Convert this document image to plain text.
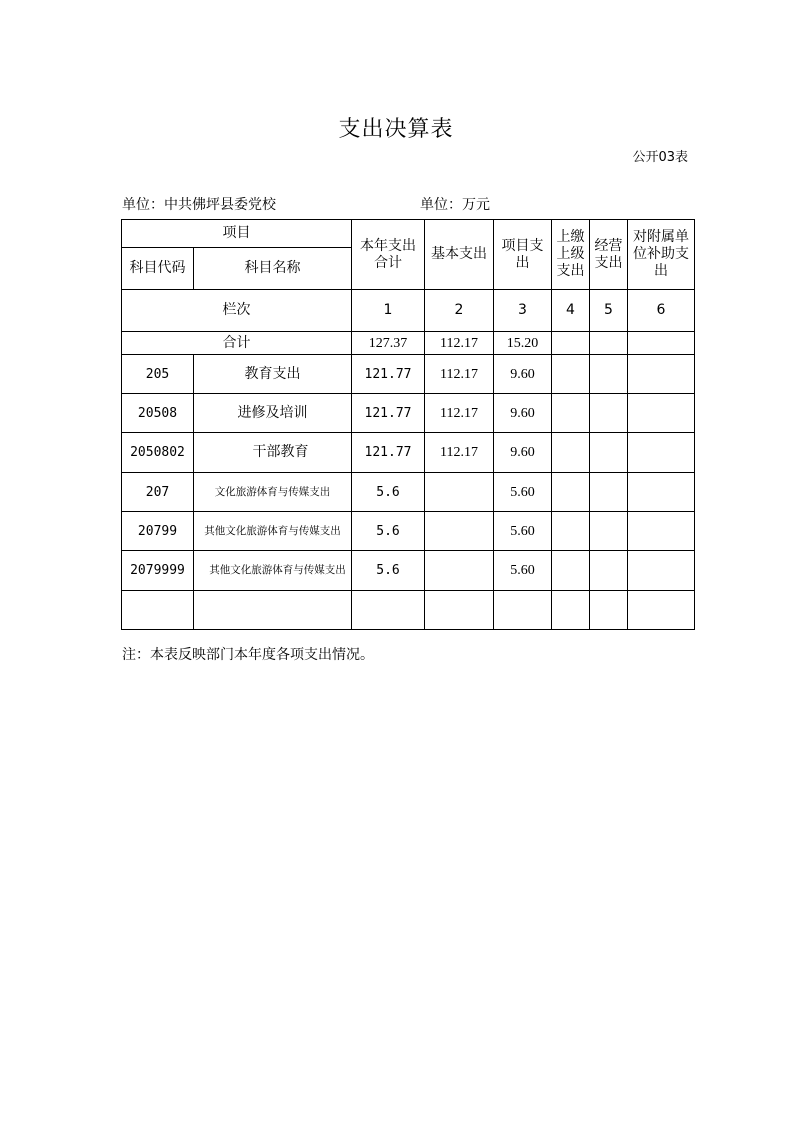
支出决算表
公开03表
单位：中共佛坪县委党校	单位：万元
项目		本年支出合计	基本支出	项目支出	上缴上级支出	经营支出	对附属单位补助支出
科目代码	科目名称						
栏次		1	2	3	4	5	6
合计		127.37	112.17	15.20			
205	教育支出	121.77	112.17	9.60			
20508	进修及培训	121.77	112.17	9.60			
2050802	干部教育	121.77	112.17	9.60			
207	文化旅游体育与传媒支出	5.6		5.60			
20799	其他文化旅游体育与传媒支出	5.6		5.60			
2079999	其他文化旅游体育与传媒支出	5.6		5.60			

注：本表反映部门本年度各项支出情况。
